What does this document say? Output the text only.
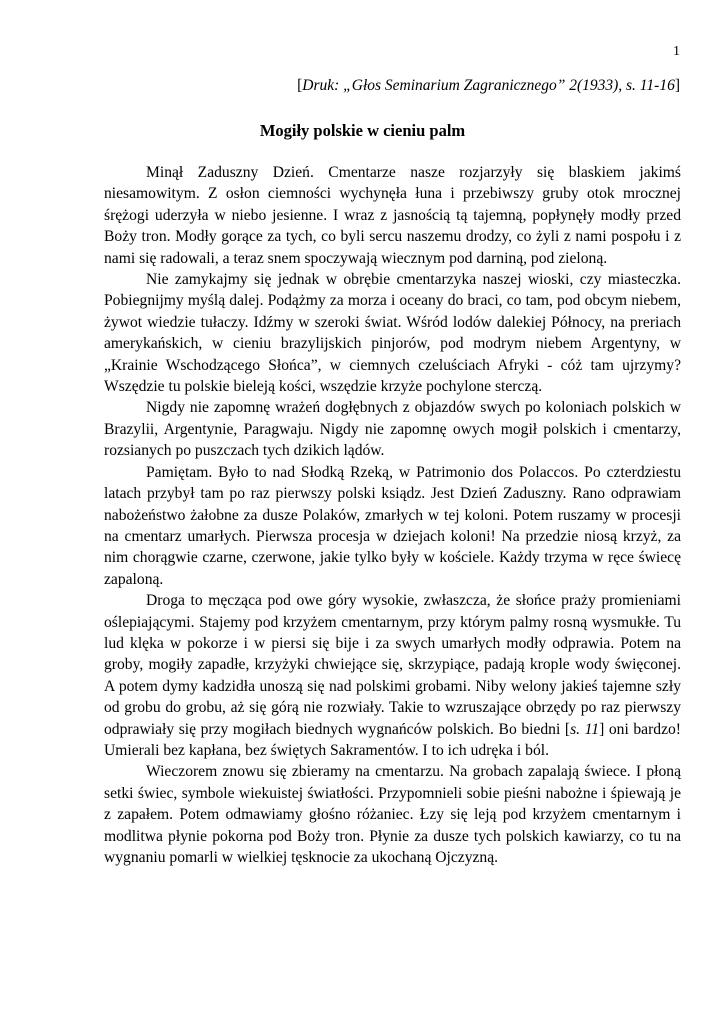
1
[Druk: „Głos Seminarium Zagranicznego” 2(1933), s. 11-16]
Mogiły polskie w cieniu palm

Minął Zaduszny Dzień. Cmentarze nasze rozjarzyły się blaskiem jakimś niesamowitym. Z osłon ciemności wychynęła łuna i przebiwszy gruby otok mrocznej śrężogi uderzyła w niebo jesienne. I wraz z jasnością tą tajemną, popłynęły modły przed Boży tron. Modły gorące za tych, co byli sercu naszemu drodzy, co żyli z nami pospołu i z nami się radowali, a teraz snem spoczywają wiecznym pod darniną, pod zieloną.

Nie zamykajmy się jednak w obrębie cmentarzyka naszej wioski, czy miasteczka. Pobiegnijmy myślą dalej. Podążmy za morza i oceany do braci, co tam, pod obcym niebem, żywot wiedzie tułaczy. Idźmy w szeroki świat. Wśród lodów dalekiej Północy, na preriach amerykańskich, w cieniu brazylijskich pinjorów, pod modrym niebem Argentyny, w „Krainie Wschodzącego Słońca”, w ciemnych czeluściach Afryki - cóż tam ujrzymy? Wszędzie tu polskie bieleją kości, wszędzie krzyże pochylone sterczą.

Nigdy nie zapomnę wrażeń dogłębnych z objazdów swych po koloniach polskich w Brazylii, Argentynie, Paragwaju. Nigdy nie zapomnę owych mogił polskich i cmentarzy, rozsianych po puszczach tych dzikich lądów.

Pamiętam. Było to nad Słodką Rzeką, w Patrimonio dos Polaccos. Po czterdziestu latach przybył tam po raz pierwszy polski ksiądz. Jest Dzień Zaduszny. Rano odprawiam nabożeństwo żałobne za dusze Polaków, zmarłych w tej koloni. Potem ruszamy w procesji na cmentarz umarłych. Pierwsza procesja w dziejach koloni! Na przedzie niosą krzyż, za nim chorągwie czarne, czerwone, jakie tylko były w kościele. Każdy trzyma w ręce świecę zapaloną.

Droga to męcząca pod owe góry wysokie, zwłaszcza, że słońce praży promieniami oślepiającymi. Stajemy pod krzyżem cmentarnym, przy którym palmy rosną wysmukłe. Tu lud klęka w pokorze i w piersi się bije i za swych umarłych modły odprawia. Potem na groby, mogiły zapadłe, krzyżyki chwiejące się, skrzypiące, padają krople wody święconej. A potem dymy kadzidła unoszą się nad polskimi grobami. Niby welony jakieś tajemne szły od grobu do grobu, aż się górą nie rozwiały. Takie to wzruszające obrzędy po raz pierwszy odprawiały się przy mogiłach biednych wygnańców polskich. Bo biedni [s. 11] oni bardzo! Umierali bez kapłana, bez świętych Sakramentów. I to ich udręka i ból.

Wieczorem znowu się zbieramy na cmentarzu. Na grobach zapalają świece. I płoną setki świec, symbole wiekuistej światłości. Przypomnieli sobie pieśni nabożne i śpiewają je z zapałem. Potem odmawiamy głośno różaniec. Łzy się leją pod krzyżem cmentarnym i modlitwa płynie pokorna pod Boży tron. Płynie za dusze tych polskich kawiarzy, co tu na wygnaniu pomarli w wielkiej tęsknocie za ukochaną Ojczyzną.
